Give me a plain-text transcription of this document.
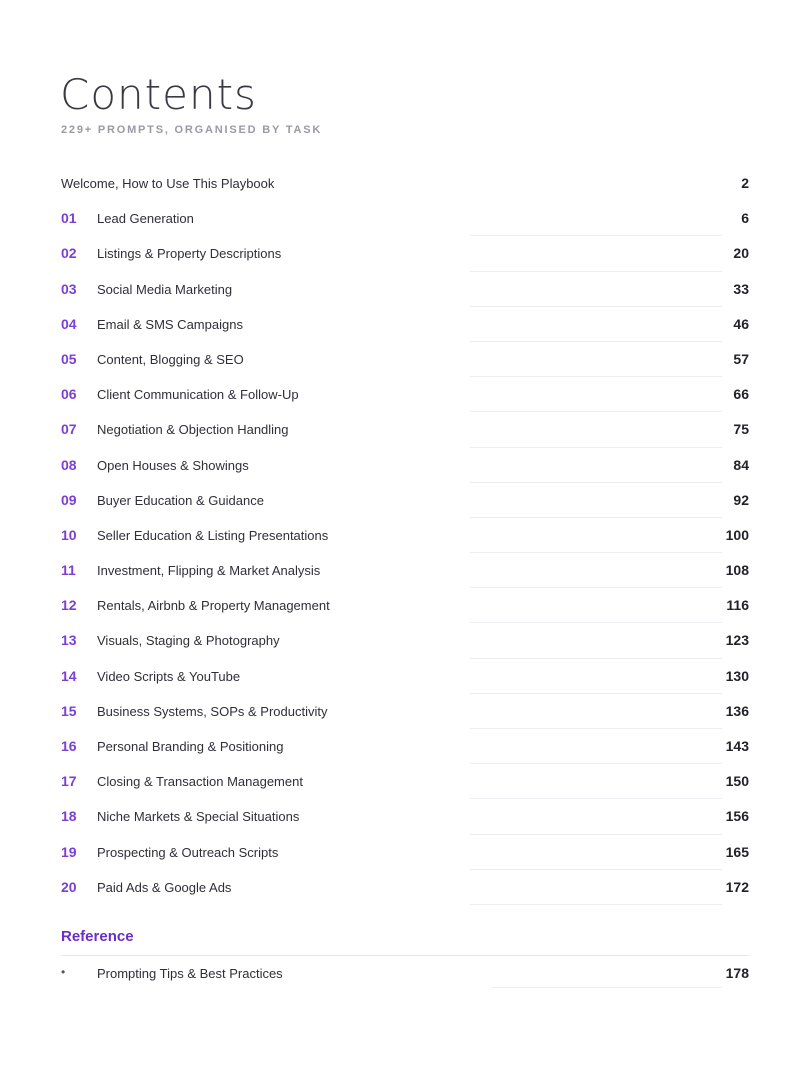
Contents

229+ PROMPTS, ORGANISED BY TASK

Welcome, How to Use This Playbook	2
01 Lead Generation	6
02 Listings & Property Descriptions	20
03 Social Media Marketing	33
04 Email & SMS Campaigns	46
05 Content, Blogging & SEO	57
06 Client Communication & Follow-Up	66
07 Negotiation & Objection Handling	75
08 Open Houses & Showings	84
09 Buyer Education & Guidance	92
10 Seller Education & Listing Presentations	100
11 Investment, Flipping & Market Analysis	108
12 Rentals, Airbnb & Property Management	116
13 Visuals, Staging & Photography	123
14 Video Scripts & YouTube	130
15 Business Systems, SOPs & Productivity	136
16 Personal Branding & Positioning	143
17 Closing & Transaction Management	150
18 Niche Markets & Special Situations	156
19 Prospecting & Outreach Scripts	165
20 Paid Ads & Google Ads	172
Reference
• Prompting Tips & Best Practices	178
